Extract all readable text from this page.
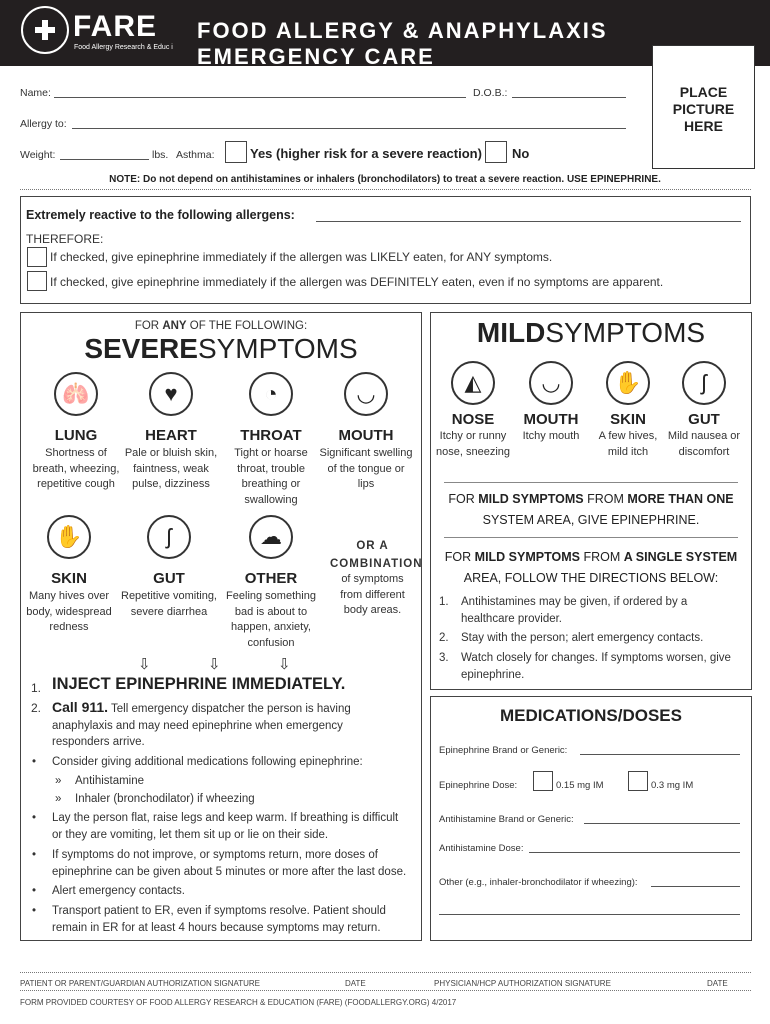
FARE
Food Allergy Research & Educ i
FOOD ALLERGY & ANAPHYLAXIS EMERGENCY CARE
PLACE
PICTURE
HERE
Name:	D.O.B.:
Allergy to:
Weight:	lbs. Asthma:	Yes (higher risk for a severe reaction) No
NOTE: Do not depend on antihistamines or inhalers (bronchodilators) to treat a severe reaction. USE EPINEPHRINE.
Extremely reactive to the following allergens:
THEREFORE:
If checked, give epinephrine immediately if the allergen was LIKELY eaten, for ANY symptoms.
If checked, give epinephrine immediately if the allergen was DEFINITELY eaten, even if no symptoms are apparent.
FOR ANY OF THE FOLLOWING:
SEVERESYMPTOMS
🫁
LUNG
Shortness of breath, wheezing, repetitive cough
♥
HEART
Pale or bluish skin, faintness, weak pulse, dizziness
◔
THROAT
Tight or hoarse throat, trouble breathing or swallowing
◡
MOUTH
Significant swelling of the tongue or lips
✋
SKIN
Many hives over body, widespread redness
ʃ
GUT
Repetitive vomiting, severe diarrhea
☁
OTHER
Feeling something bad is about to happen, anxiety, confusion
OR A COMBINATION
of symptoms from different body areas.
⇩	⇩	⇩
1. INJECT EPINEPHRINE IMMEDIATELY.
2. Call 911. Tell emergency dispatcher the person is having anaphylaxis and may need epinephrine when emergency responders arrive.
• Consider giving additional medications following epinephrine:
» Antihistamine
» Inhaler (bronchodilator) if wheezing
• Lay the person flat, raise legs and keep warm. If breathing is difficult or they are vomiting, let them sit up or lie on their side.
• If symptoms do not improve, or symptoms return, more doses of epinephrine can be given about 5 minutes or more after the last dose.
• Alert emergency contacts.
• Transport patient to ER, even if symptoms resolve. Patient should remain in ER for at least 4 hours because symptoms may return.
MILDSYMPTOMS
◭
NOSE
Itchy or runny nose, sneezing
◡
MOUTH
Itchy mouth
✋
SKIN
A few hives, mild itch
ʃ
GUT
Mild nausea or discomfort
FOR MILD SYMPTOMS FROM MORE THAN ONE
SYSTEM AREA, GIVE EPINEPHRINE.
FOR MILD SYMPTOMS FROM A SINGLE SYSTEM
AREA, FOLLOW THE DIRECTIONS BELOW:
1. Antihistamines may be given, if ordered by a healthcare provider.
2. Stay with the person; alert emergency contacts.
3. Watch closely for changes. If symptoms worsen, give epinephrine.
MEDICATIONS/DOSES
Epinephrine Brand or Generic:
Epinephrine Dose:	0.15 mg IM	0.3 mg IM
Antihistamine Brand or Generic:
Antihistamine Dose:
Other (e.g., inhaler-bronchodilator if wheezing):
PATIENT OR PARENT/GUARDIAN AUTHORIZATION SIGNATURE	DATE	PHYSICIAN/HCP AUTHORIZATION SIGNATURE	DATE
FORM PROVIDED COURTESY OF FOOD ALLERGY RESEARCH & EDUCATION (FARE) (FOODALLERGY.ORG) 4/2017
